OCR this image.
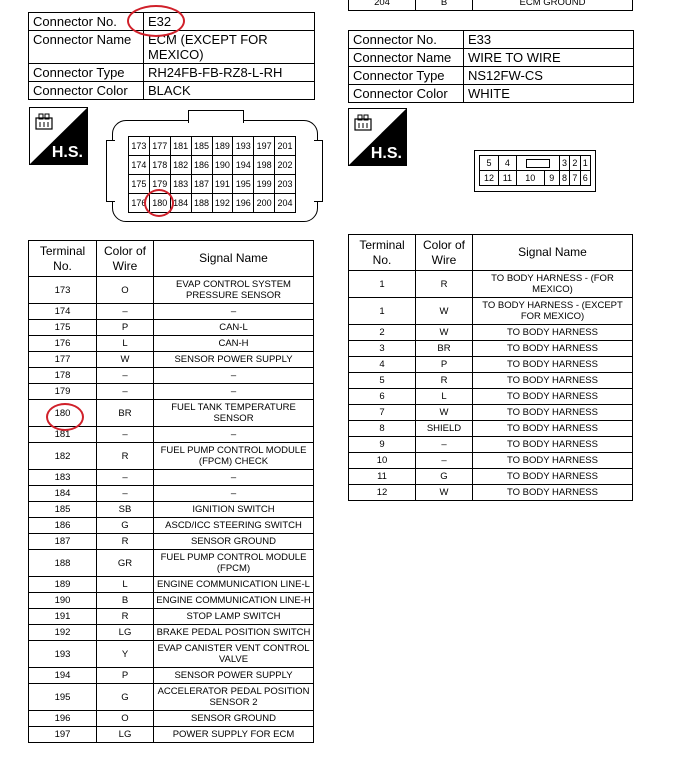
Connector No.	E32
Connector Name	ECM (EXCEPT FOR MEXICO)
Connector Type	RH24FB-FB-RZ8-L-RH
Connector Color	BLACK
H.S.	173	177	181	185	189	193	197	201
174	178	182	186	190	194	198	202
175	179	183	187	191	195	199	203
176	180	184	188	192	196	200	204
Terminal No.	Color of Wire	Signal Name
173	O	EVAP CONTROL SYSTEM PRESSURE SENSOR
174	–	–
175	P	CAN-L
176	L	CAN-H
177	W	SENSOR POWER SUPPLY
178	–	–
179	–	–
180	BR	FUEL TANK TEMPERATURE SENSOR
181	–	–
182	R	FUEL PUMP CONTROL MODULE (FPCM) CHECK
183	–	–
184	–	–
185	SB	IGNITION SWITCH
186	G	ASCD/ICC STEERING SWITCH
187	R	SENSOR GROUND
188	GR	FUEL PUMP CONTROL MODULE (FPCM)
189	L	ENGINE COMMUNICATION LINE-L
190	B	ENGINE COMMUNICATION LINE-H
191	R	STOP LAMP SWITCH
192	LG	BRAKE PEDAL POSITION SWITCH
193	Y	EVAP CANISTER VENT CONTROL VALVE
194	P	SENSOR POWER SUPPLY
195	G	ACCELERATOR PEDAL POSITION SENSOR 2
196	O	SENSOR GROUND
197	LG	POWER SUPPLY FOR ECM
204	B	ECM GROUND
Connector No.	E33
Connector Name	WIRE TO WIRE
Connector Type	NS12FW-CS
Connector Color	WHITE
H.S.
5	4			3	2	1
12	11	10	9	8	7	6
Terminal No.	Color of Wire	Signal Name
1	R	TO BODY HARNESS - (FOR MEXICO)
1	W	TO BODY HARNESS - (EXCEPT FOR MEXICO)
2	W	TO BODY HARNESS
3	BR	TO BODY HARNESS
4	P	TO BODY HARNESS
5	R	TO BODY HARNESS
6	L	TO BODY HARNESS
7	W	TO BODY HARNESS
8	SHIELD	TO BODY HARNESS
9	–	TO BODY HARNESS
10	–	TO BODY HARNESS
11	G	TO BODY HARNESS
12	W	TO BODY HARNESS
